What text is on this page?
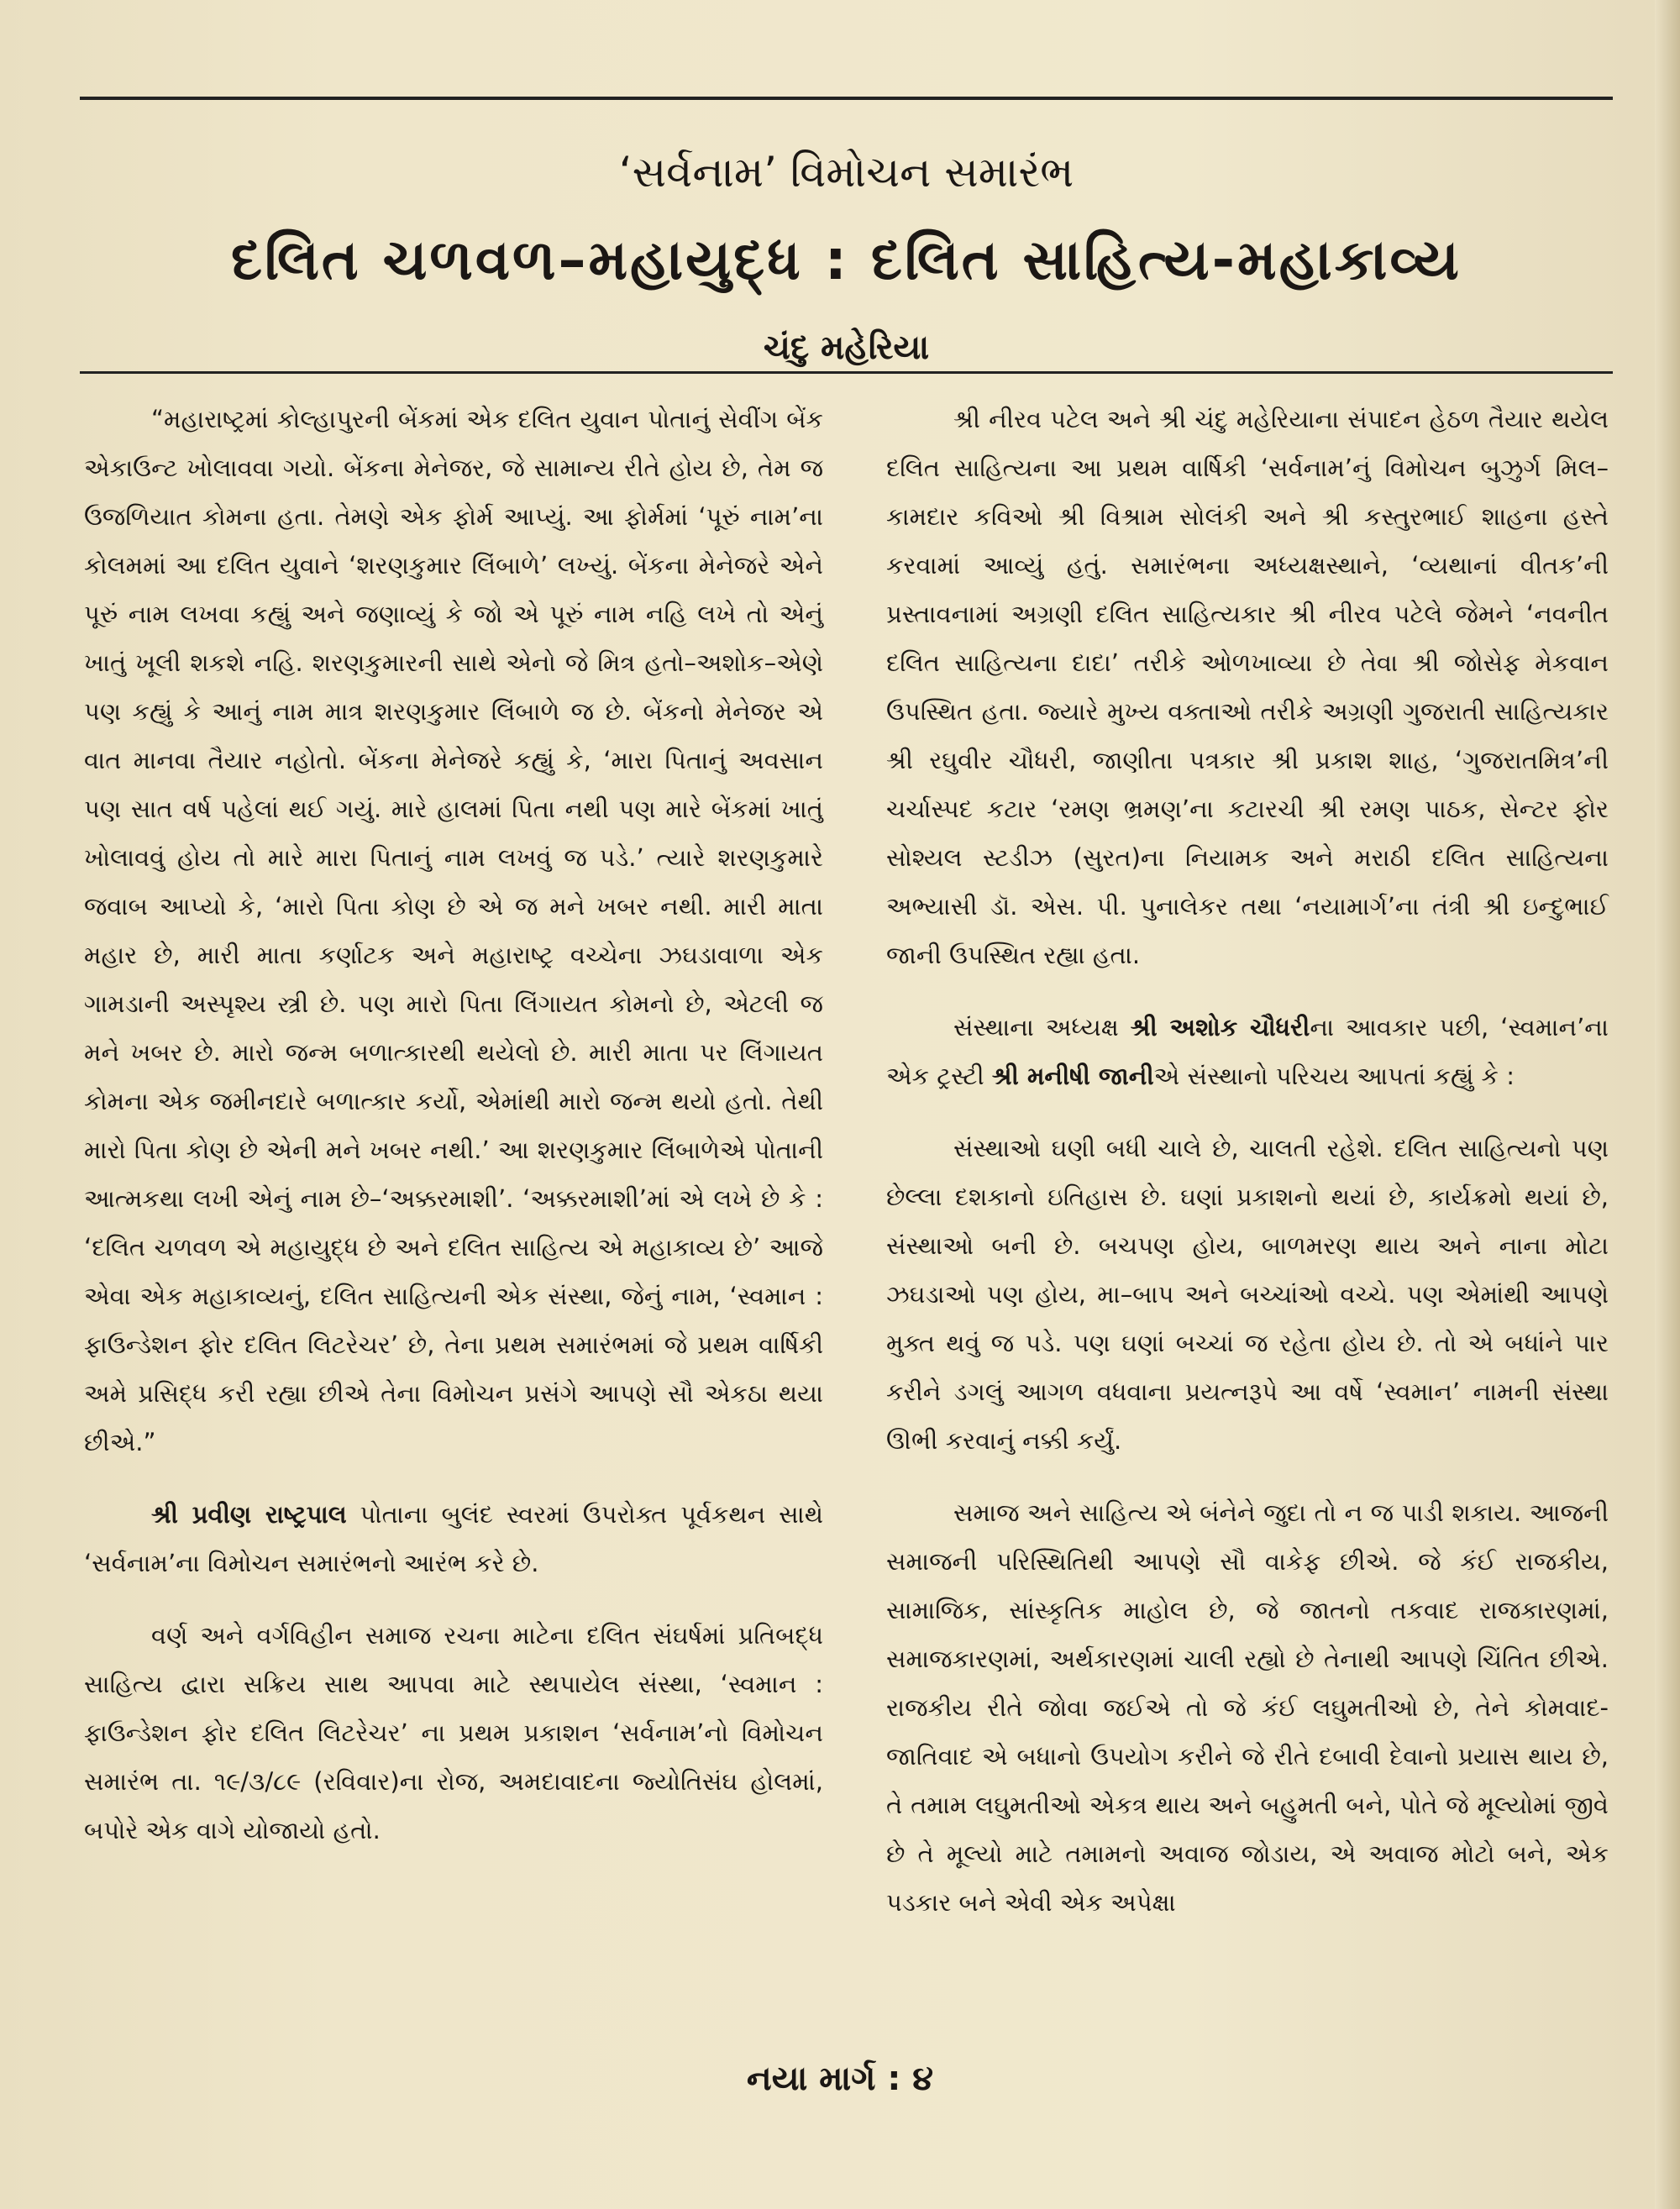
‘સર્વનામ’ વિમોચન સમારંભ

દલિત ચળવળ–મહાયુદ્ધ : દલિત સાહિત્ય-મહાકાવ્ય

ચંદુ મહેરિયા

“મહારાષ્ટ્રમાં કોલ્હાપુરની બેંકમાં એક દલિત યુવાન પોતાનું સેવીંગ બેંક એકાઉન્ટ ખોલાવવા ગયો. બેંકના મેનેજર, જે સામાન્ય રીતે હોય છે, તેમ જ ઉજળિયાત કોમના હતા. તેમણે એક ફોર્મ આપ્યું. આ ફોર્મમાં ‘પૂરું નામ’ના કોલમમાં આ દલિત યુવાને ‘શરણકુમાર લિંબાળે’ લખ્યું. બેંકના મેનેજરે એને પૂરું નામ લખવા કહ્યું અને જણાવ્યું કે જો એ પૂરું નામ નહિ લખે તો એનું ખાતું ખૂલી શકશે નહિ. શરણકુમારની સાથે એનો જે મિત્ર હતો–અશોક–એણે પણ કહ્યું કે આનું નામ માત્ર શરણકુમાર લિંબાળે જ છે. બેંકનો મેનેજર એ વાત માનવા તૈયાર નહોતો. બેંકના મેનેજરે કહ્યું કે, ‘મારા પિતાનું અવસાન પણ સાત વર્ષ પહેલાં થઈ ગયું. મારે હાલમાં પિતા નથી પણ મારે બેંકમાં ખાતું ખોલાવવું હોય તો મારે મારા પિતાનું નામ લખવું જ પડે.’ ત્યારે શરણકુમારે જવાબ આપ્યો કે, ‘મારો પિતા કોણ છે એ જ મને ખબર નથી. મારી માતા મહાર છે, મારી માતા કર્ણાટક અને મહારાષ્ટ્ર વચ્ચેના ઝઘડાવાળા એક ગામડાની અસ્પૃશ્ય સ્ત્રી છે. પણ મારો પિતા લિંગાયત કોમનો છે, એટલી જ મને ખબર છે. મારો જન્મ બળાત્કારથી થયેલો છે. મારી માતા પર લિંગાયત કોમના એક જમીનદારે બળાત્કાર કર્યો, એમાંથી મારો જન્મ થયો હતો. તેથી મારો પિતા કોણ છે એની મને ખબર નથી.’ આ શરણકુમાર લિંબાળેએ પોતાની આત્મકથા લખી એનું નામ છે–‘અક્કરમાશી’. ‘અક્કરમાશી’માં એ લખે છે કે : ‘દલિત ચળવળ એ મહાયુદ્ધ છે અને દલિત સાહિત્ય એ મહાકાવ્ય છે’ આજે એવા એક મહાકાવ્યનું, દલિત સાહિત્યની એક સંસ્થા, જેનું નામ, ‘સ્વમાન : ફાઉન્ડેશન ફોર દલિત લિટરેચર’ છે, તેના પ્રથમ સમારંભમાં જે પ્રથમ વાર્ષિકી અમે પ્રસિદ્ધ કરી રહ્યા છીએ તેના વિમોચન પ્રસંગે આપણે સૌ એકઠા થયા છીએ.”

શ્રી પ્રવીણ રાષ્ટ્રપાલ પોતાના બુલંદ સ્વરમાં ઉપરોક્ત પૂર્વકથન સાથે ‘સર્વનામ’ના વિમોચન સમારંભનો આરંભ કરે છે.

વર્ણ અને વર્ગવિહીન સમાજ રચના માટેના દલિત સંઘર્ષમાં પ્રતિબદ્ધ સાહિત્ય દ્વારા સક્રિય સાથ આપવા માટે સ્થપાયેલ સંસ્થા, ‘સ્વમાન : ફાઉન્ડેશન ફોર દલિત લિટરેચર’ ના પ્રથમ પ્રકાશન ‘સર્વનામ’નો વિમોચન સમારંભ તા. ૧૯/૩/૮૯ (રવિવાર)ના રોજ, અમદાવાદના જ્યોતિસંઘ હોલમાં, બપોરે એક વાગે યોજાયો હતો.

શ્રી નીરવ પટેલ અને શ્રી ચંદુ મહેરિયાના સંપાદન હેઠળ તૈયાર થયેલ દલિત સાહિત્યના આ પ્રથમ વાર્ષિકી ‘સર્વનામ’નું વિમોચન બુઝુર્ગ મિલ–કામદાર કવિઓ શ્રી વિશ્રામ સોલંકી અને શ્રી કસ્તુરભાઈ શાહના હસ્તે કરવામાં આવ્યું હતું. સમારંભના અધ્યક્ષસ્થાને, ‘વ્યથાનાં વીતક’ની પ્રસ્તાવનામાં અગ્રણી દલિત સાહિત્યકાર શ્રી નીરવ પટેલે જેમને ‘નવનીત દલિત સાહિત્યના દાદા’ તરીકે ઓળખાવ્યા છે તેવા શ્રી જોસેફ મેકવાન ઉપસ્થિત હતા. જ્યારે મુખ્ય વક્તાઓ તરીકે અગ્રણી ગુજરાતી સાહિત્યકાર શ્રી રઘુવીર ચૌધરી, જાણીતા પત્રકાર શ્રી પ્રકાશ શાહ, ‘ગુજરાતમિત્ર’ની ચર્ચાસ્પદ કટાર ‘રમણ ભ્રમણ’ના કટારચી શ્રી રમણ પાઠક, સેન્ટર ફોર સોશ્યલ સ્ટડીઝ (સુરત)ના નિયામક અને મરાઠી દલિત સાહિત્યના અભ્યાસી ડૉ. એસ. પી. પુનાલેકર તથા ‘નયામાર્ગ’ના તંત્રી શ્રી ઇન્દુભાઈ જાની ઉપસ્થિત રહ્યા હતા.

સંસ્થાના અધ્યક્ષ શ્રી અશોક ચૌધરીના આવકાર પછી, ‘સ્વમાન’ના એક ટ્રસ્ટી શ્રી મનીષી જાનીએ સંસ્થાનો પરિચય આપતાં કહ્યું કે :

સંસ્થાઓ ઘણી બધી ચાલે છે, ચાલતી રહેશે. દલિત સાહિત્યનો પણ છેલ્લા દશકાનો ઇતિહાસ છે. ઘણાં પ્રકાશનો થયાં છે, કાર્યક્રમો થયાં છે, સંસ્થાઓ બની છે. બચપણ હોય, બાળમરણ થાય અને નાના મોટા ઝઘડાઓ પણ હોય, મા–બાપ અને બચ્ચાંઓ વચ્ચે. પણ એમાંથી આપણે મુક્ત થવું જ પડે. પણ ઘણાં બચ્ચાં જ રહેતા હોય છે. તો એ બધાંને પાર કરીને ડગલું આગળ વધવાના પ્રયત્નરૂપે આ વર્ષે ‘સ્વમાન’ નામની સંસ્થા ઊભી કરવાનું નક્કી કર્યું.

સમાજ અને સાહિત્ય એ બંનેને જુદા તો ન જ પાડી શકાય. આજની સમાજની પરિસ્થિતિથી આપણે સૌ વાકેફ છીએ. જે કંઈ રાજકીય, સામાજિક, સાંસ્કૃતિક માહોલ છે, જે જાતનો તકવાદ રાજકારણમાં, સમાજકારણમાં, અર્થકારણમાં ચાલી રહ્યો છે તેનાથી આપણે ચિંતિત છીએ. રાજકીય રીતે જોવા જઈએ તો જે કંઈ લઘુમતીઓ છે, તેને કોમવાદ-જાતિવાદ એ બધાનો ઉપયોગ કરીને જે રીતે દબાવી દેવાનો પ્રયાસ થાય છે, તે તમામ લઘુમતીઓ એકત્ર થાય અને બહુમતી બને, પોતે જે મૂલ્યોમાં જીવે છે તે મૂલ્યો માટે તમામનો અવાજ જોડાય, એ અવાજ મોટો બને, એક પડકાર બને એવી એક અપેક્ષા

નયા માર્ગ : ૪
